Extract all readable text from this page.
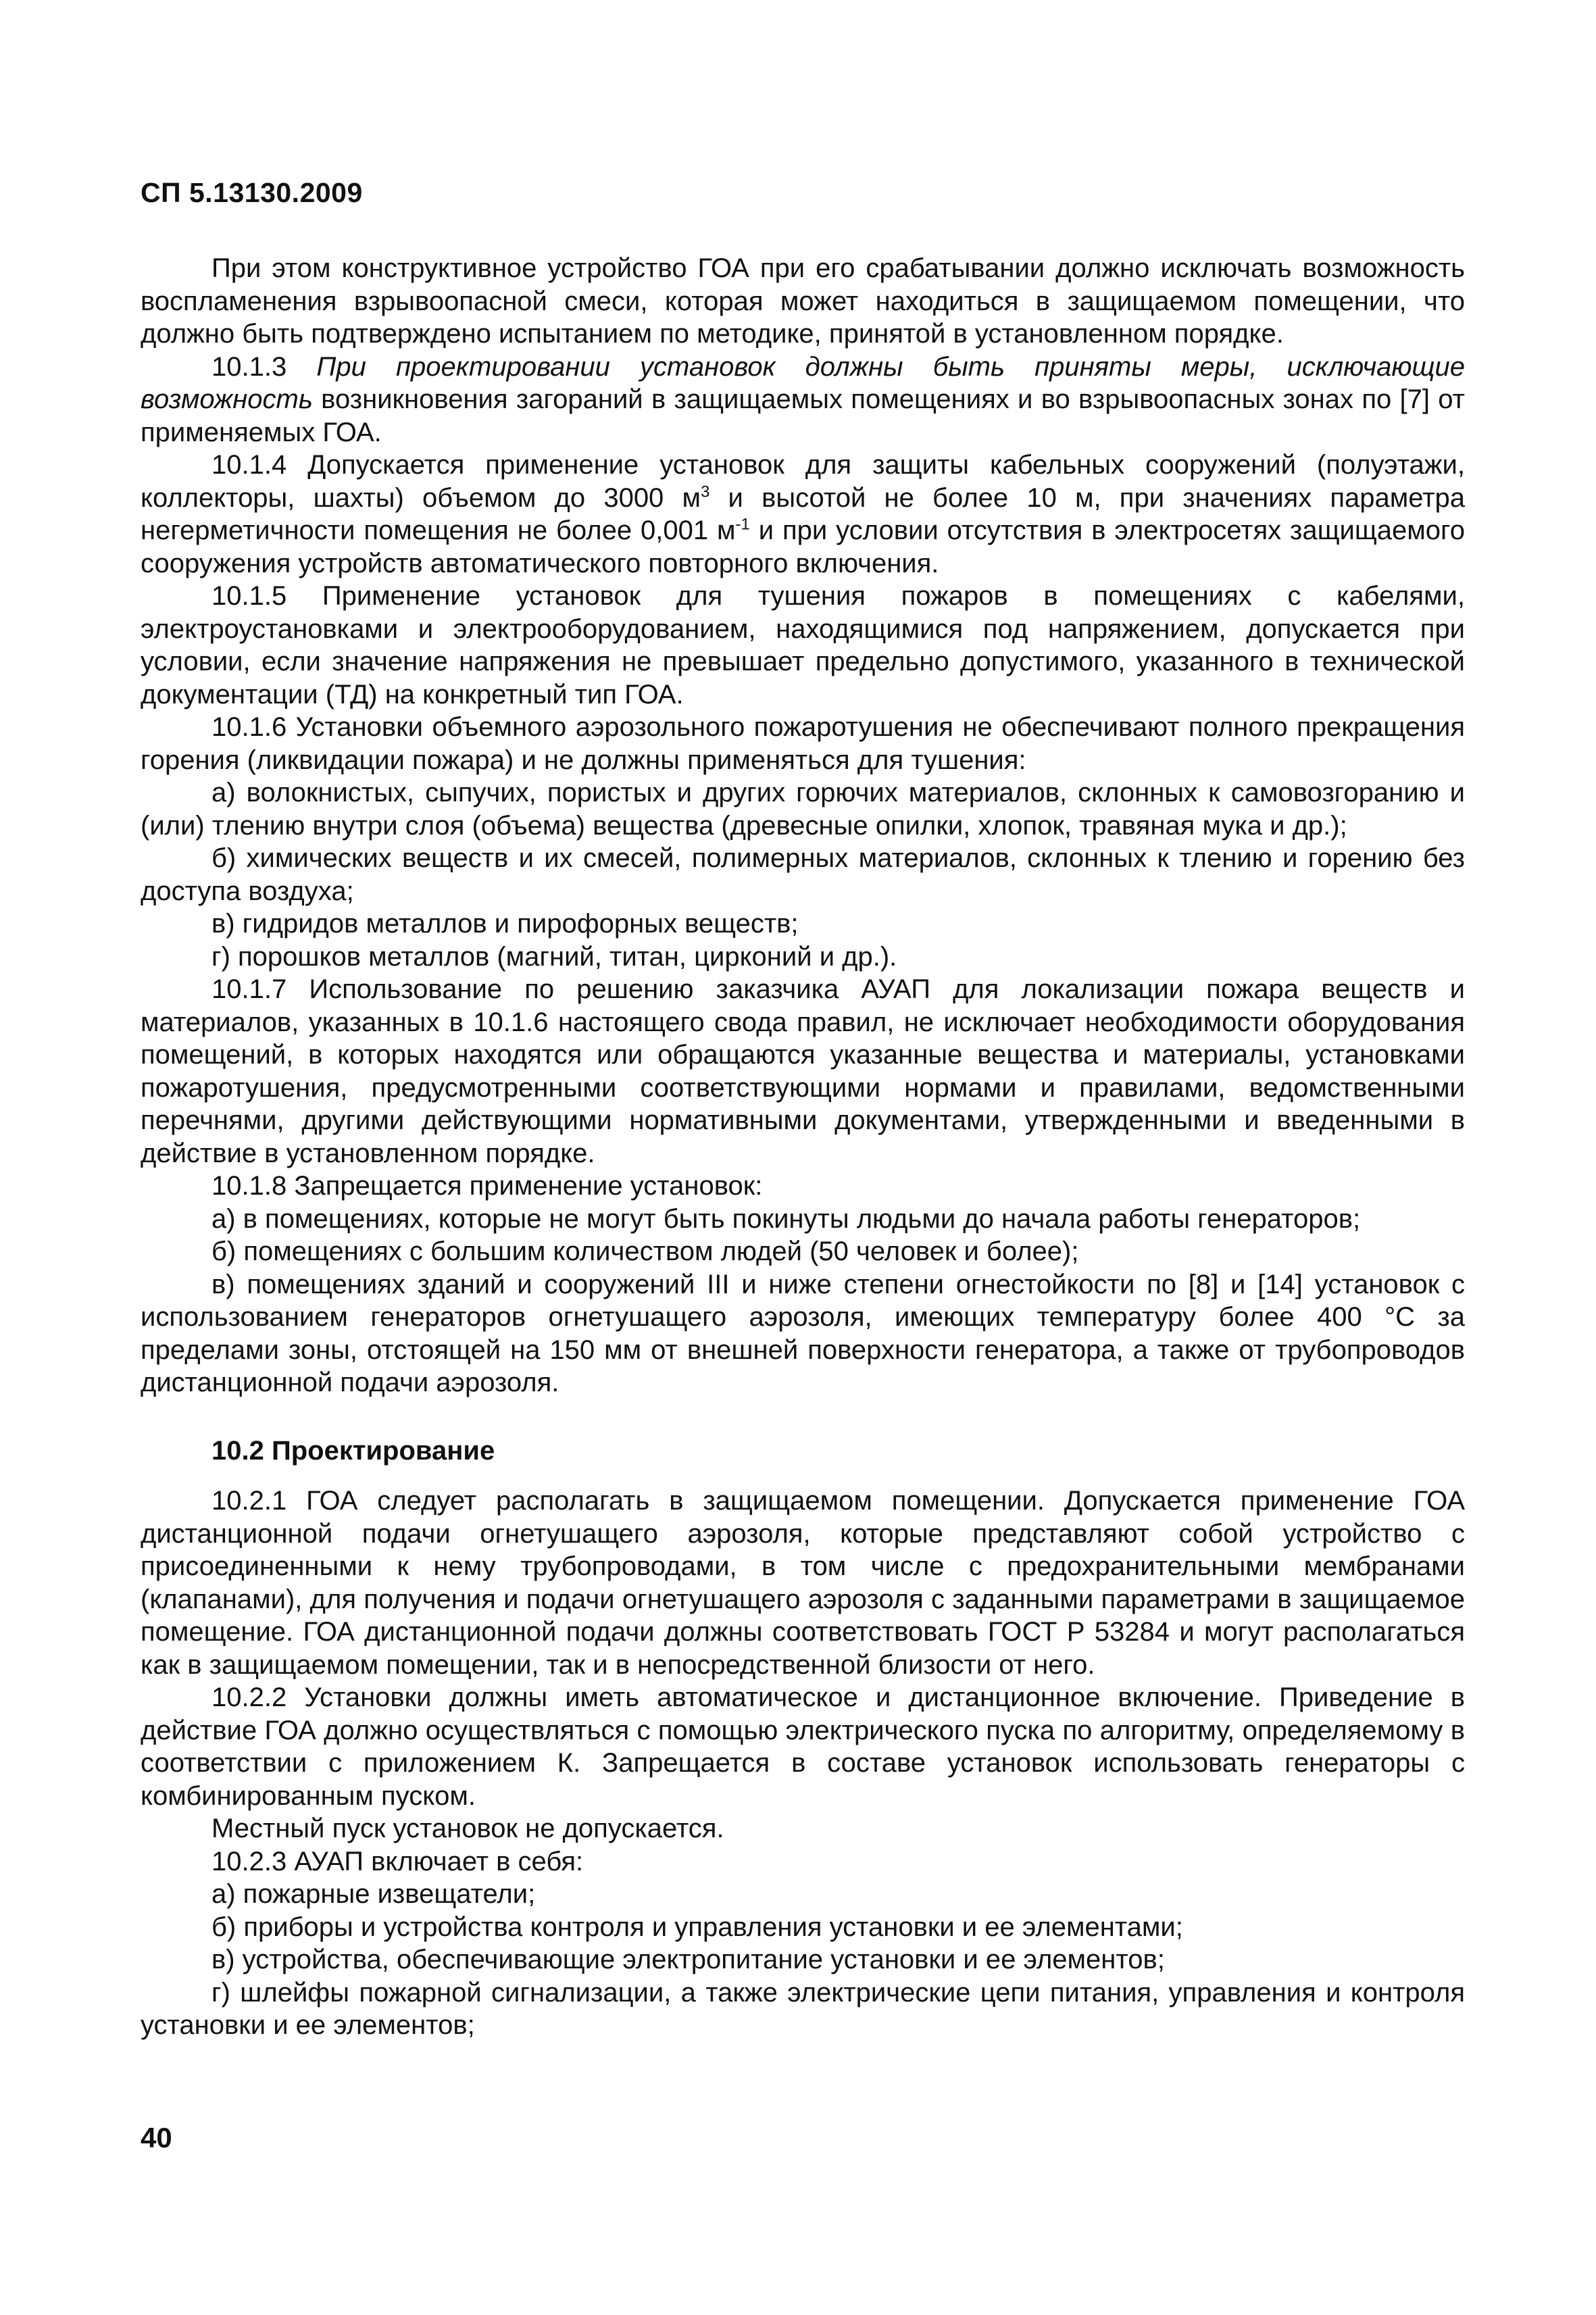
СП 5.13130.2009

При этом конструктивное устройство ГОА при его срабатывании должно исключать возможность воспламенения взрывоопасной смеси, которая может находиться в защищаемом помещении, что должно быть подтверждено испытанием по методике, принятой в установленном порядке.

10.1.3 При проектировании установок должны быть приняты меры, исключающие возможность возникновения загораний в защищаемых помещениях и во взрывоопасных зонах по [7] от применяемых ГОА.

10.1.4 Допускается применение установок для защиты кабельных сооружений (полуэтажи, коллекторы, шахты) объемом до 3000 $м^3$ и высотой не более 10 м, при значениях параметра негерметичности помещения не более 0,001 $м^{-1}$ и при условии отсутствия в электросетях защищаемого сооружения устройств автоматического повторного включения.

10.1.5 Применение установок для тушения пожаров в помещениях с кабелями, электроустановками и электрооборудованием, находящимися под напряжением, допускается при условии, если значение напряжения не превышает предельно допустимого, указанного в технической документации (ТД) на конкретный тип ГОА.

10.1.6 Установки объемного аэрозольного пожаротушения не обеспечивают полного прекращения горения (ликвидации пожара) и не должны применяться для тушения:

а) волокнистых, сыпучих, пористых и других горючих материалов, склонных к самовозгоранию и (или) тлению внутри слоя (объема) вещества (древесные опилки, хлопок, травяная мука и др.);

б) химических веществ и их смесей, полимерных материалов, склонных к тлению и горению без доступа воздуха;

в) гидридов металлов и пирофорных веществ;

г) порошков металлов (магний, титан, цирконий и др.).

10.1.7 Использование по решению заказчика АУАП для локализации пожара веществ и материалов, указанных в 10.1.6 настоящего свода правил, не исключает необходимости оборудования помещений, в которых находятся или обращаются указанные вещества и материалы, установками пожаротушения, предусмотренными соответствующими нормами и правилами, ведомственными перечнями, другими действующими нормативными документами, утвержденными и введенными в действие в установленном порядке.

10.1.8 Запрещается применение установок:

а) в помещениях, которые не могут быть покинуты людьми до начала работы генераторов;

б) помещениях с большим количеством людей (50 человек и более);

в) помещениях зданий и сооружений III и ниже степени огнестойкости по [8] и [14] установок с использованием генераторов огнетушащего аэрозоля, имеющих температуру более 400 °С за пределами зоны, отстоящей на 150 мм от внешней поверхности генератора, а также от трубопроводов дистанционной подачи аэрозоля.

10.2 Проектирование

10.2.1 ГОА следует располагать в защищаемом помещении. Допускается применение ГОА дистанционной подачи огнетушащего аэрозоля, которые представляют собой устройство с присоединенными к нему трубопроводами, в том числе с предохранительными мембранами (клапанами), для получения и подачи огнетушащего аэрозоля с заданными параметрами в защищаемое помещение. ГОА дистанционной подачи должны соответствовать ГОСТ Р 53284 и могут располагаться как в защищаемом помещении, так и в непосредственной близости от него.

10.2.2 Установки должны иметь автоматическое и дистанционное включение. Приведение в действие ГОА должно осуществляться с помощью электрического пуска по алгоритму, определяемому в соответствии с приложением К. Запрещается в составе установок использовать генераторы с комбинированным пуском.

Местный пуск установок не допускается.

10.2.3 АУАП включает в себя:

а) пожарные извещатели;

б) приборы и устройства контроля и управления установки и ее элементами;

в) устройства, обеспечивающие электропитание установки и ее элементов;

г) шлейфы пожарной сигнализации, а также электрические цепи питания, управления и контроля установки и ее элементов;

40
